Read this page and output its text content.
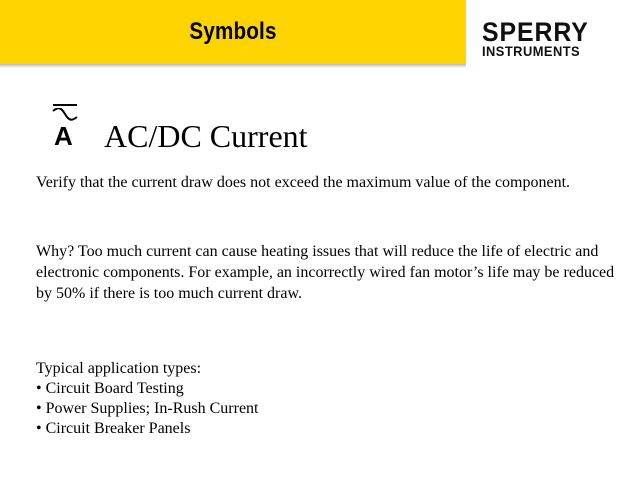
Symbols	SPERRY
INSTRUMENTS
A AC/DC Current

Verify that the current draw does not exceed the maximum value of the component.

Why? Too much current can cause heating issues that will reduce the life of electric and electronic components. For example, an incorrectly wired fan motor’s life may be reduced by 50% if there is too much current draw.

Typical application types:

• Circuit Board Testing
• Power Supplies; In-Rush Current
• Circuit Breaker Panels
